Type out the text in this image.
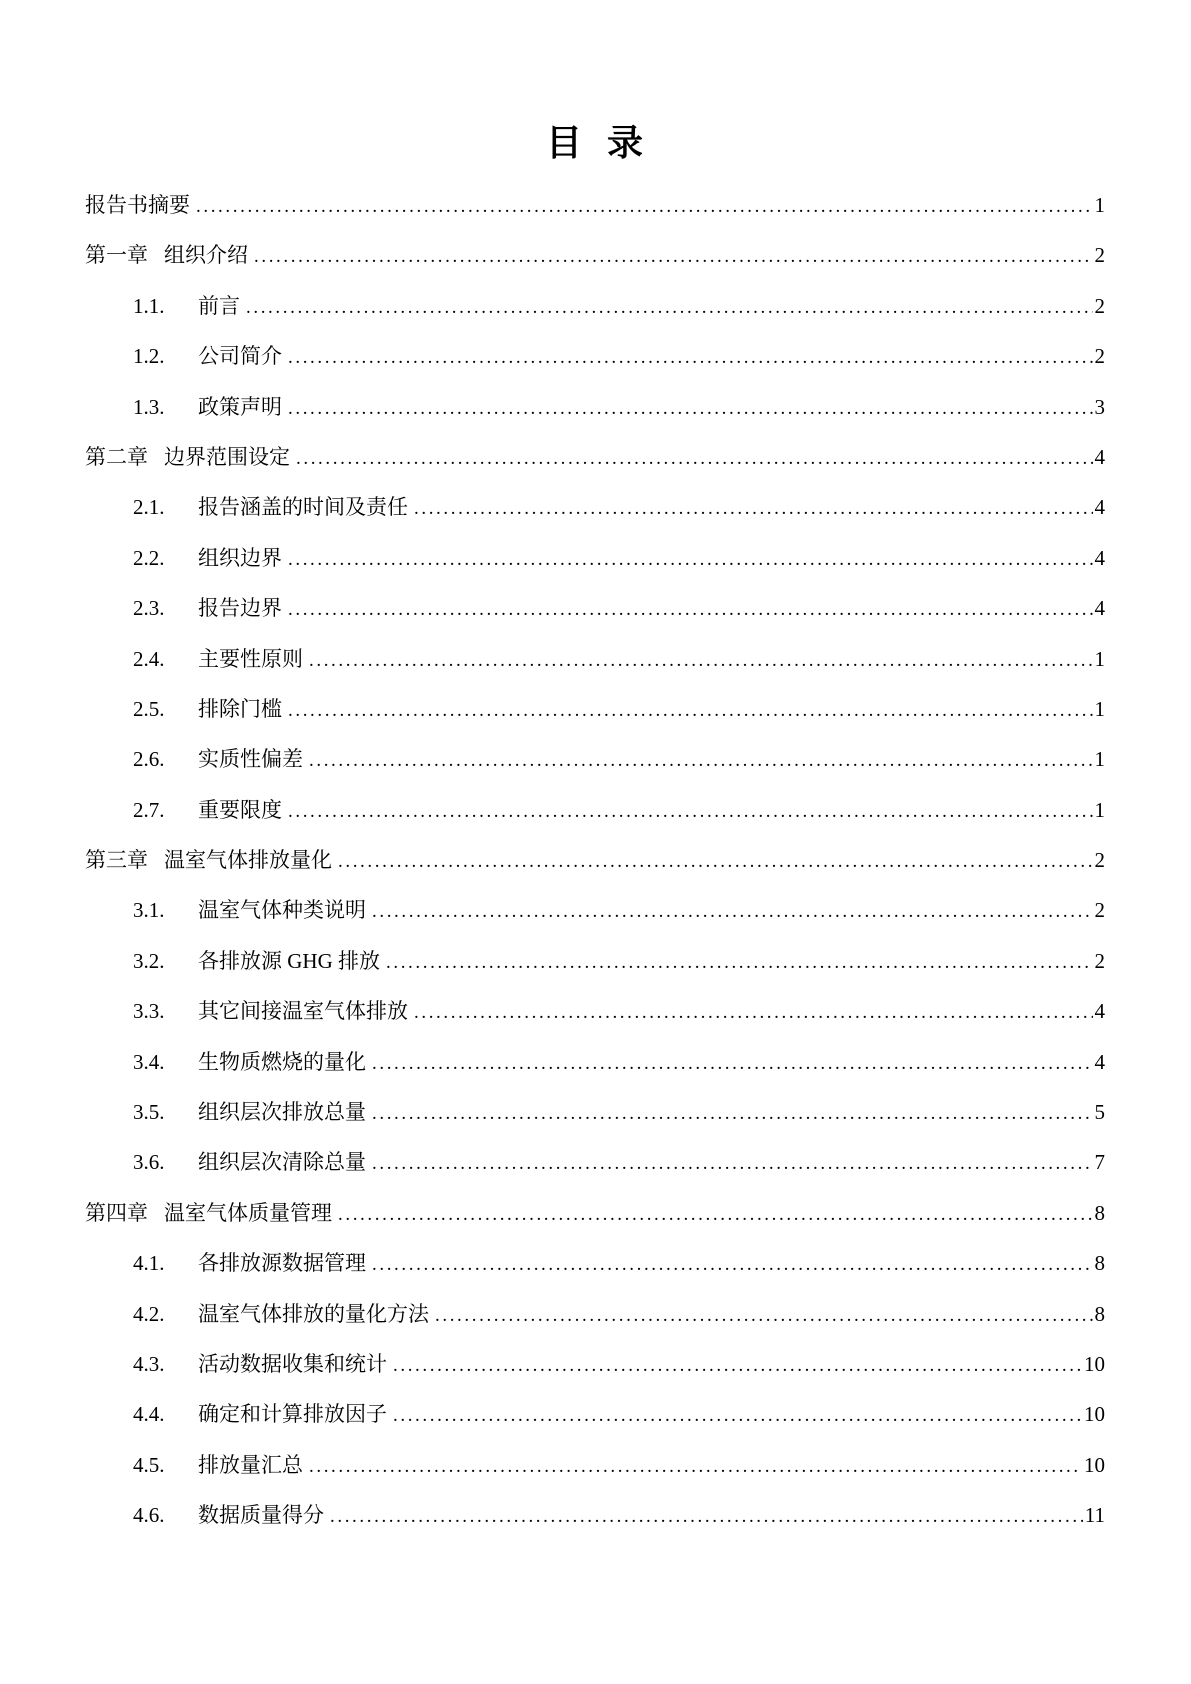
目 录
报告书摘要 .....	1
第一章 组织介绍 .....	2
1.1.	前言 .....	2
1.2.	公司简介 .....	2
1.3.	政策声明 .....	3
第二章 边界范围设定 .....	4
2.1.	报告涵盖的时间及责任 .....	4
2.2.	组织边界 .....	4
2.3.	报告边界 .....	4
2.4.	主要性原则 .....	1
2.5.	排除门槛 .....	1
2.6.	实质性偏差 .....	1
2.7.	重要限度 .....	1
第三章 温室气体排放量化 .....	2
3.1.	温室气体种类说明 .....	2
3.2.	各排放源 GHG 排放 .....	2
3.3.	其它间接温室气体排放 .....	4
3.4.	生物质燃烧的量化 .....	4
3.5.	组织层次排放总量 .....	5
3.6.	组织层次清除总量 .....	7
第四章 温室气体质量管理 .....	8
4.1.	各排放源数据管理 .....	8
4.2.	温室气体排放的量化方法 .....	8
4.3.	活动数据收集和统计 .....	10
4.4.	确定和计算排放因子 .....	10
4.5.	排放量汇总 .....	10
4.6.	数据质量得分 .....	11
